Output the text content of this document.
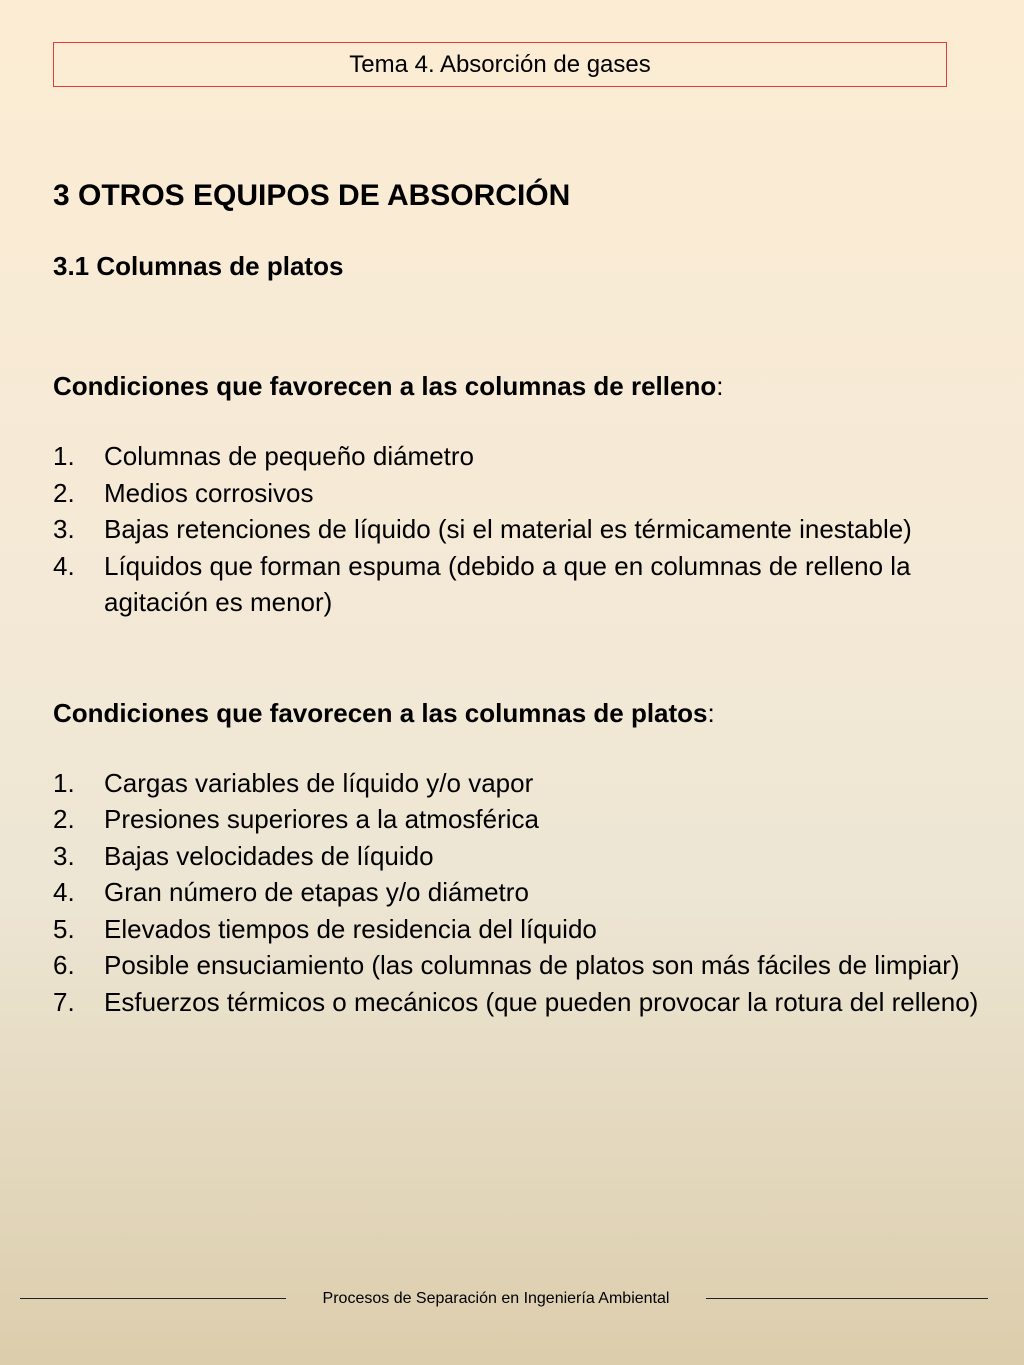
Tema 4. Absorción de gases
3 OTROS EQUIPOS DE ABSORCIÓN
3.1 Columnas de platos

Condiciones que favorecen a las columnas de relleno:

1. Columnas de pequeño diámetro
2. Medios corrosivos
3. Bajas retenciones de líquido (si el material es térmicamente inestable)
4. Líquidos que forman espuma (debido a que en columnas de relleno la agitación es menor)

Condiciones que favorecen a las columnas de platos:

1. Cargas variables de líquido y/o vapor
2. Presiones superiores a la atmosférica
3. Bajas velocidades de líquido
4. Gran número de etapas y/o diámetro
5. Elevados tiempos de residencia del líquido
6. Posible ensuciamiento (las columnas de platos son más fáciles de limpiar)
7. Esfuerzos térmicos o mecánicos (que pueden provocar la rotura del relleno)
Procesos de Separación en Ingeniería Ambiental
